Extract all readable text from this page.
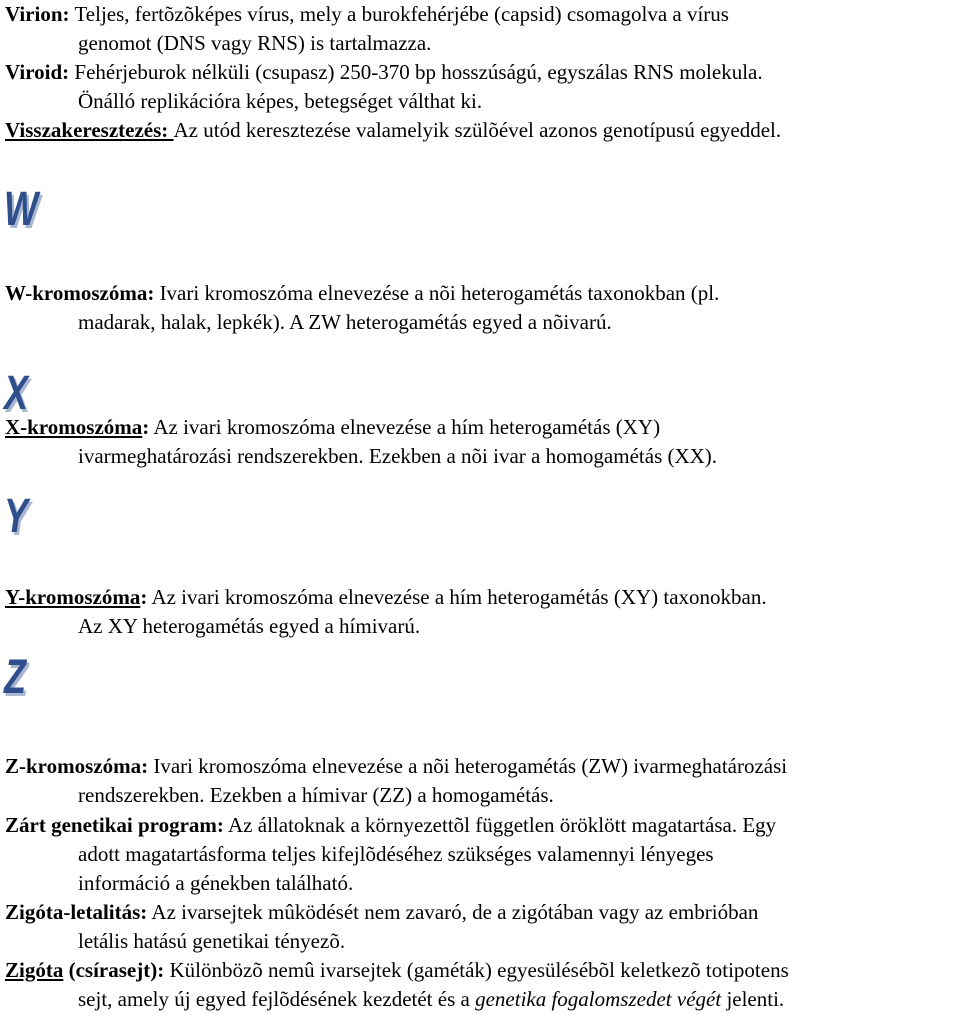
Virion: Teljes, fertõzõképes vírus, mely a burokfehérjébe (capsid) csomagolva a vírus

genomot (DNS vagy RNS) is tartalmazza.

Viroid: Fehérjeburok nélküli (csupasz) 250-370 bp hosszúságú, egyszálas RNS molekula.

Önálló replikációra képes, betegséget válthat ki.

Visszakeresztezés: Az utód keresztezése valamelyik szülõével azonos genotípusú egyeddel.

W

W-kromoszóma: Ivari kromoszóma elnevezése a nõi heterogamétás taxonokban (pl.

madarak, halak, lepkék). A ZW heterogamétás egyed a nõivarú.

X

X-kromoszóma: Az ivari kromoszóma elnevezése a hím heterogamétás (XY)

ivarmeghatározási rendszerekben. Ezekben a nõi ivar a homogamétás (XX).

Y

Y-kromoszóma: Az ivari kromoszóma elnevezése a hím heterogamétás (XY) taxonokban.

Az XY heterogamétás egyed a hímivarú.

Z

Z-kromoszóma: Ivari kromoszóma elnevezése a nõi heterogamétás (ZW) ivarmeghatározási

rendszerekben. Ezekben a hímivar (ZZ) a homogamétás.

Zárt genetikai program: Az állatoknak a környezettõl független öröklött magatartása. Egy

adott magatartásforma teljes kifejlõdéséhez szükséges valamennyi lényeges

információ a génekben található.

Zigóta-letalitás: Az ivarsejtek mûködését nem zavaró, de a zigótában vagy az embrióban

letális hatású genetikai tényezõ.

Zigóta (csírasejt): Különbözõ nemû ivarsejtek (gaméták) egyesülésébõl keletkezõ totipotens

sejt, amely új egyed fejlõdésének kezdetét és a genetika fogalomszedet végét jelenti.
